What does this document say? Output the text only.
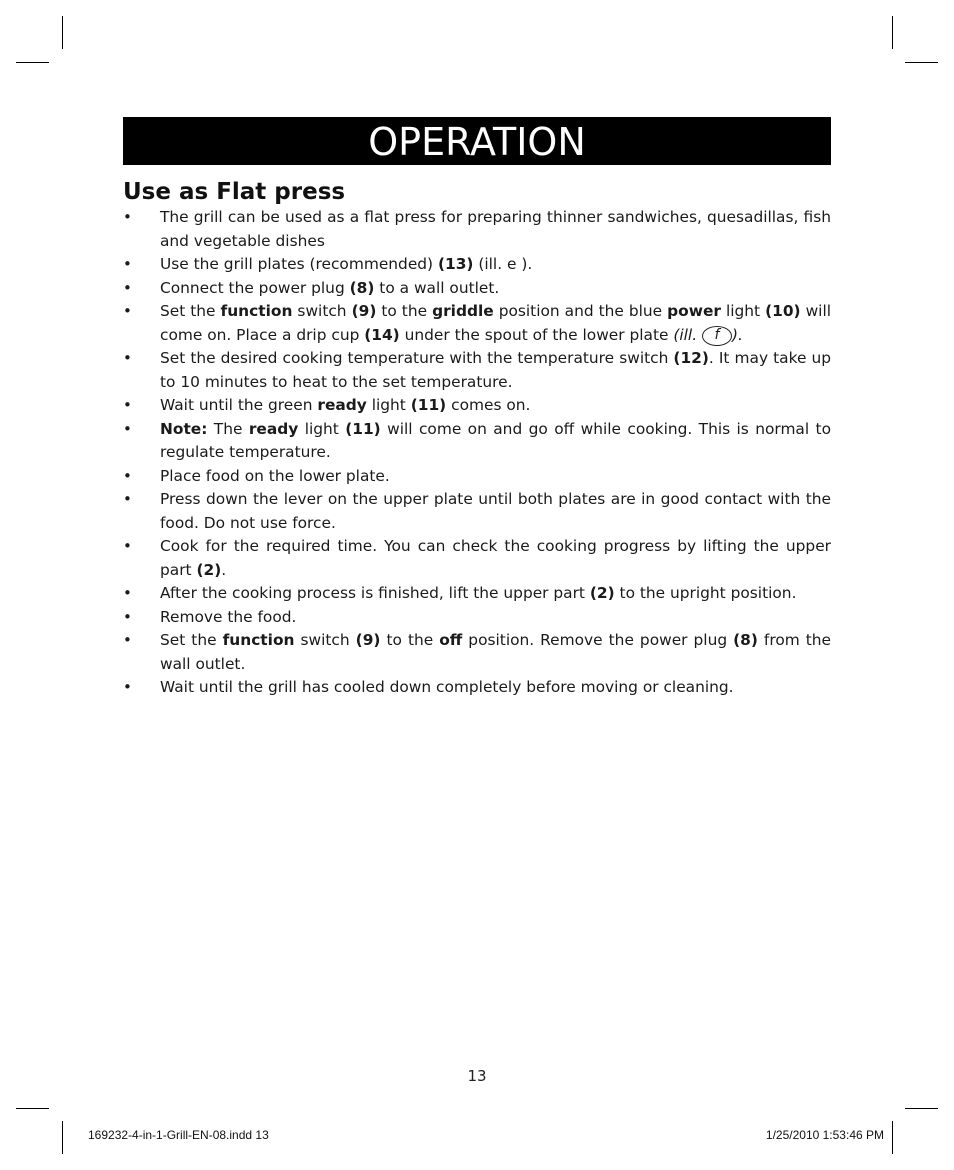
OPERATION
Use as Flat press
• The grill can be used as a flat press for preparing thinner sandwiches, quesadillas, fish and vegetable dishes
• Use the grill plates (recommended) (13) (ill. e ).
• Connect the power plug (8) to a wall outlet.
• Set the function switch (9) to the griddle position and the blue power light (10) will come on. Place a drip cup (14) under the spout of the lower plate (ill. f ).
• Set the desired cooking temperature with the temperature switch (12). It may take up to 10 minutes to heat to the set temperature.
• Wait until the green ready light (11) comes on.
• Note: The ready light (11) will come on and go off while cooking. This is normal to regulate temperature.
• Place food on the lower plate.
• Press down the lever on the upper plate until both plates are in good contact with the food. Do not use force.
• Cook for the required time. You can check the cooking progress by lifting the upper part (2).
• After the cooking process is finished, lift the upper part (2) to the upright position.
• Remove the food.
• Set the function switch (9) to the off position. Remove the power plug (8) from the wall outlet.
• Wait until the grill has cooled down completely before moving or cleaning.
13
169232-4-in-1-Grill-EN-08.indd 13	1/25/2010 1:53:46 PM
